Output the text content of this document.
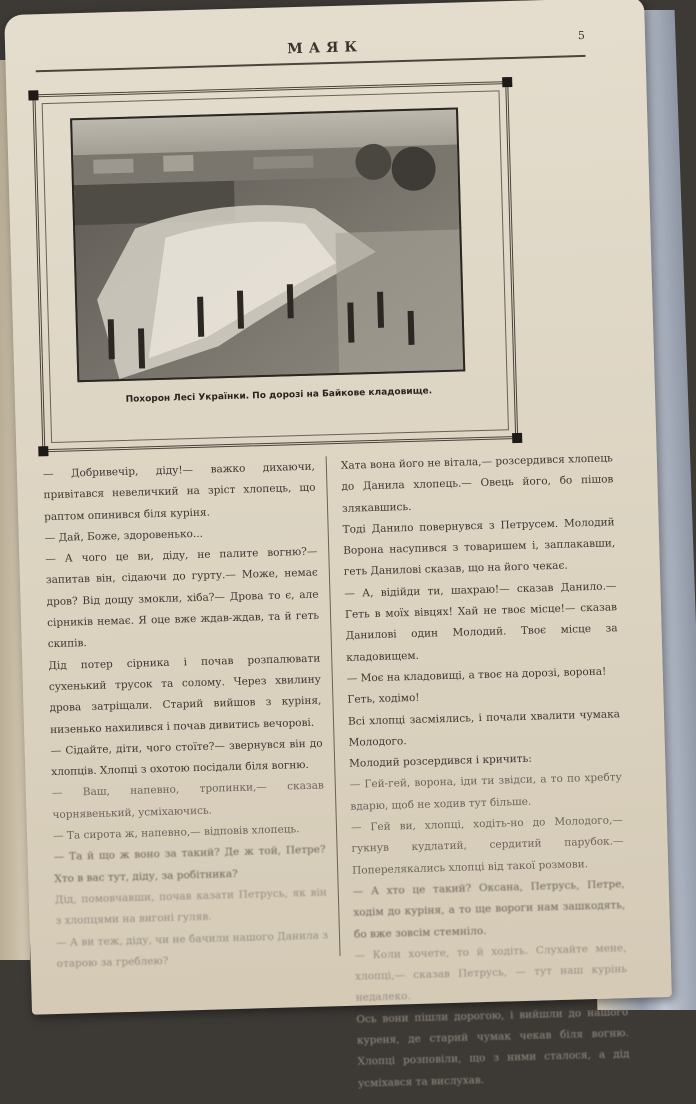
МАЯК
5
Похорон Лесі Українки. По дорозі на Байкове кладовище.

— Добривечір, діду!— важко дихаючи, привітався невеличкий на зріст хлопець, що раптом опинився біля куріня.

— Дай, Боже, здоровенько...

— А чого це ви, діду, не палите вогню?— запитав він, сідаючи до гурту.— Може, немає дров? Від дощу змокли, хіба?— Дрова то є, але сірників немає. Я оце вже ждав-ждав, та й геть скипів.

Дід потер сірника і почав розпалювати сухенький трусок та солому. Через хвилину дрова затріщали. Старий вийшов з куріня, низенько нахилився і почав дивитись вечорові.

— Сідайте, діти, чого стоїте?— звернувся він до хлопців. Хлопці з охотою посідали біля вогню.

— Ваш, напевно, тропинки,— сказав чорнявенький, усміхаючись.

— Та сирота ж, напевно,— відповів хлопець.

— Та й що ж воно за такий? Де ж той, Петре? Хто в вас тут, діду, за робітника?

Дід, помовчавши, почав казати Петрусь, як він з хлопцями на вигоні гуляв.

— А ви теж, діду, чи не бачили нашого Данила з отарою за греблею?

Хата вона його не вітала,— розсердився хлопець до Данила хлопець.— Овець його, бо пішов злякавшись.

Тоді Данило повернувся з Петрусем. Молодий Ворона насупився з товаришем і, заплакавши, геть Данилові сказав, що на його чекає.

— А, відійди ти, шахраю!— сказав Данило.— Геть в моїх вівцях! Хай не твоє місце!— сказав Данилові один Молодий. Твоє місце за кладовищем.

— Моє на кладовищі, а твоє на дорозі, ворона!

Геть, ходімо!

Всі хлопці засміялись, і почали хвалити чумака Молодого.

Молодий розсердився і кричить:

— Гей-гей, ворона, іди ти звідси, а то по хребту вдарю, щоб не ходив тут більше.

— Гей ви, хлопці, ходіть-но до Молодого,— гукнув кудлатий, сердитий парубок.— Поперелякались хлопці від такої розмови.

— А хто це такий? Оксана, Петрусь, Петре, ходім до куріня, а то ще вороги нам зашкодять, бо вже зовсім стемніло.

— Коли хочете, то й ходіть. Слухайте мене, хлопці,— сказав Петрусь, — тут наш курінь недалеко.

Ось вони пішли дорогою, і вийшли до нашого куреня, де старий чумак чекав біля вогню. Хлопці розповіли, що з ними сталося, а дід усміхався та вислухав.
